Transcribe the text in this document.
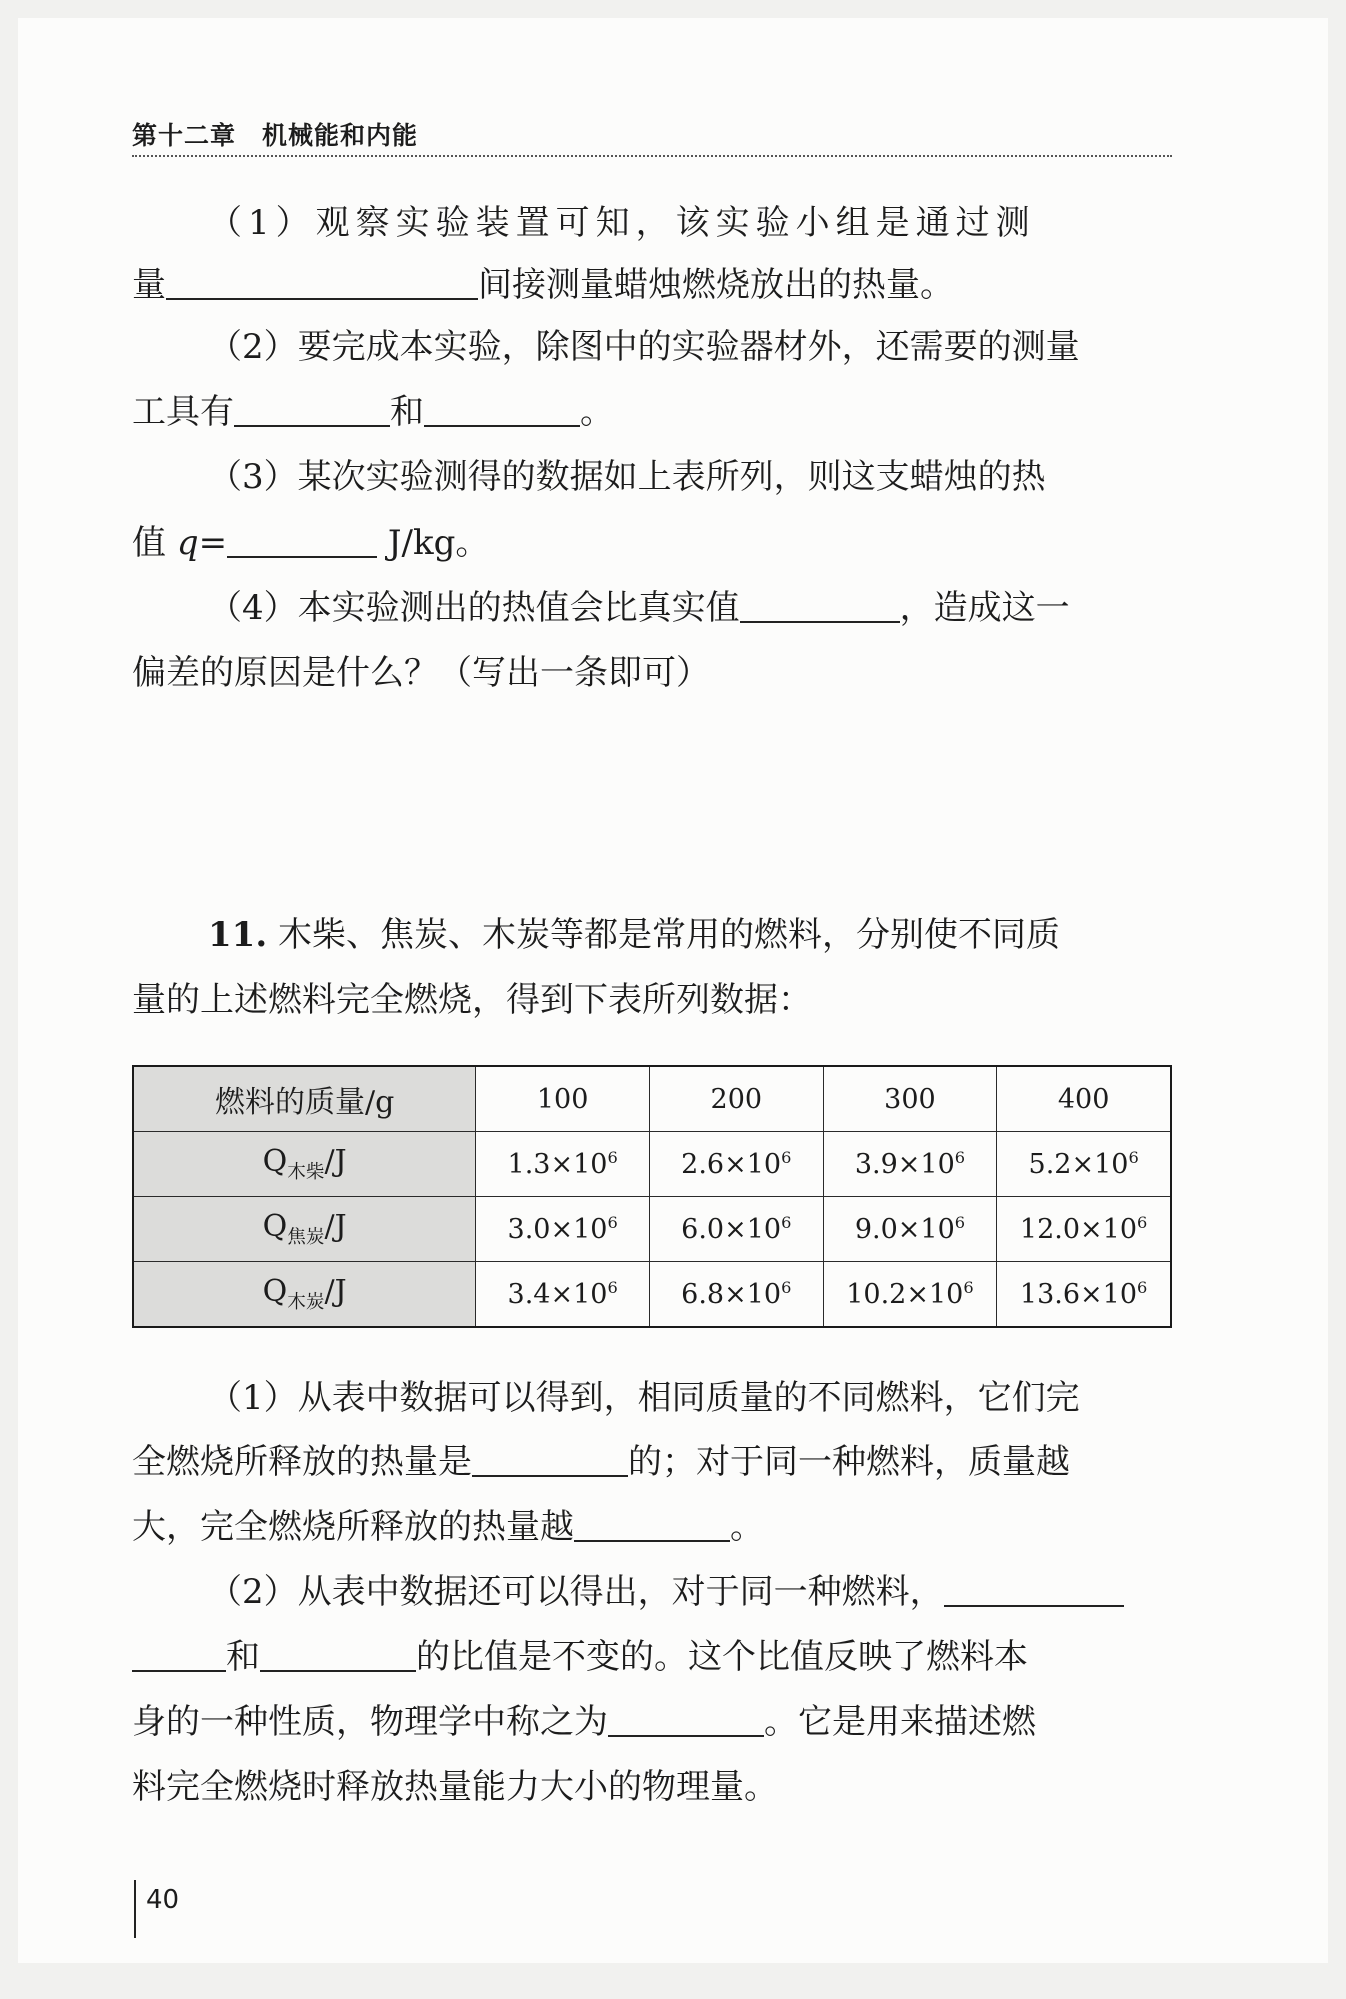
第十二章 机械能和内能
（1）观察实验装置可知，该实验小组是通过测
量	间接测量蜡烛燃烧放出的热量。
（2）要完成本实验，除图中的实验器材外，还需要的测量
工具有	和	。
（3）某次实验测得的数据如上表所列，则这支蜡烛的热
值 q=	J/kg。
（4）本实验测出的热值会比真实值	，造成这一
偏差的原因是什么？（写出一条即可）
11. 木柴、焦炭、木炭等都是常用的燃料，分别使不同质
量的上述燃料完全燃烧，得到下表所列数据：
燃料的质量/g	100	200	300	400
$Q_{木柴}/J$	$1.3\times 10^6$	$2.6\times 10^6$	$3.9\times 10^6$	$5.2\times 10^6$
$Q_{焦炭}/J$	$3.0\times 10^6$	$6.0\times 10^6$	$9.0\times 10^6$	$12.0\times 10^6$
$Q_{木炭}/J$	$3.4\times 10^6$	$6.8\times 10^6$	$10.2\times 10^6$	$13.6\times 10^6$
（1）从表中数据可以得到，相同质量的不同燃料，它们完
全燃烧所释放的热量是	的；对于同一种燃料，质量越
大，完全燃烧所释放的热量越	。
（2）从表中数据还可以得出，对于同一种燃料，
和	的比值是不变的。这个比值反映了燃料本
身的一种性质，物理学中称之为	。它是用来描述燃
料完全燃烧时释放热量能力大小的物理量。
40
